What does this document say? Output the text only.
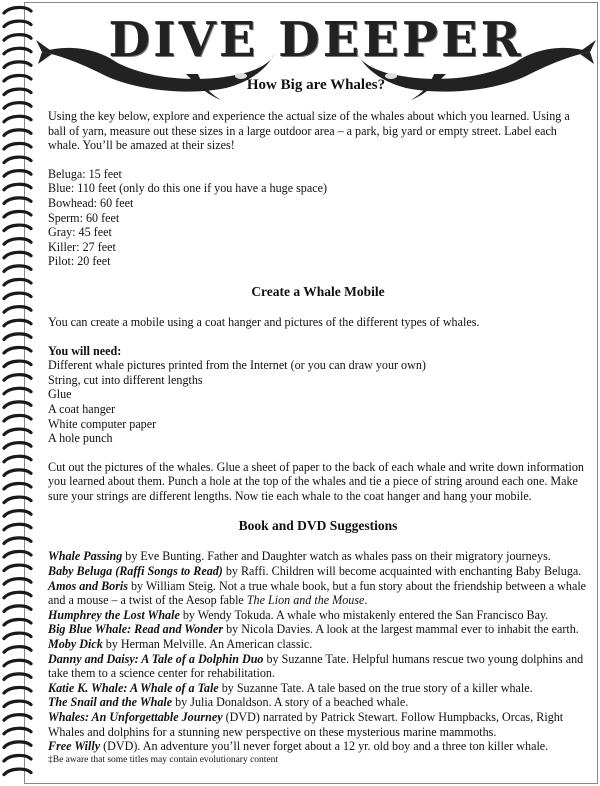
DIVE DEEPER
How Big are Whales?

Using the key below, explore and experience the actual size of the whales about which you learned. Using a ball of yarn, measure out these sizes in a large outdoor area – a park, big yard or empty street. Label each whale. You’ll be amazed at their sizes!

Beluga: 15 feet

Blue: 110 feet (only do this one if you have a huge space)

Bowhead: 60 feet

Sperm: 60 feet

Gray: 45 feet

Killer: 27 feet

Pilot: 20 feet

Create a Whale Mobile

You can create a mobile using a coat hanger and pictures of the different types of whales.

You will need:

Different whale pictures printed from the Internet (or you can draw your own)

String, cut into different lengths

Glue

A coat hanger

White computer paper

A hole punch

Cut out the pictures of the whales. Glue a sheet of paper to the back of each whale and write down information you learned about them. Punch a hole at the top of the whales and tie a piece of string around each one. Make sure your strings are different lengths. Now tie each whale to the coat hanger and hang your mobile.

Book and DVD Suggestions

Whale Passing by Eve Bunting. Father and Daughter watch as whales pass on their migratory journeys.

Baby Beluga (Raffi Songs to Read) by Raffi. Children will become acquainted with enchanting Baby Beluga.

Amos and Boris by William Steig. Not a true whale book, but a fun story about the friendship between a whale and a mouse – a twist of the Aesop fable The Lion and the Mouse.

Humphrey the Lost Whale by Wendy Tokuda. A whale who mistakenly entered the San Francisco Bay.

Big Blue Whale: Read and Wonder by Nicola Davies. A look at the largest mammal ever to inhabit the earth.

Moby Dick by Herman Melville. An American classic.

Danny and Daisy: A Tale of a Dolphin Duo by Suzanne Tate. Helpful humans rescue two young dolphins and take them to a science center for rehabilitation.

Katie K. Whale: A Whale of a Tale by Suzanne Tate. A tale based on the true story of a killer whale.

The Snail and the Whale by Julia Donaldson. A story of a beached whale.

Whales: An Unforgettable Journey (DVD) narrated by Patrick Stewart. Follow Humpbacks, Orcas, Right Whales and dolphins for a stunning new perspective on these mysterious marine mammoths.

Free Willy (DVD). An adventure you’ll never forget about a 12 yr. old boy and a three ton killer whale.

‡Be aware that some titles may contain evolutionary content
